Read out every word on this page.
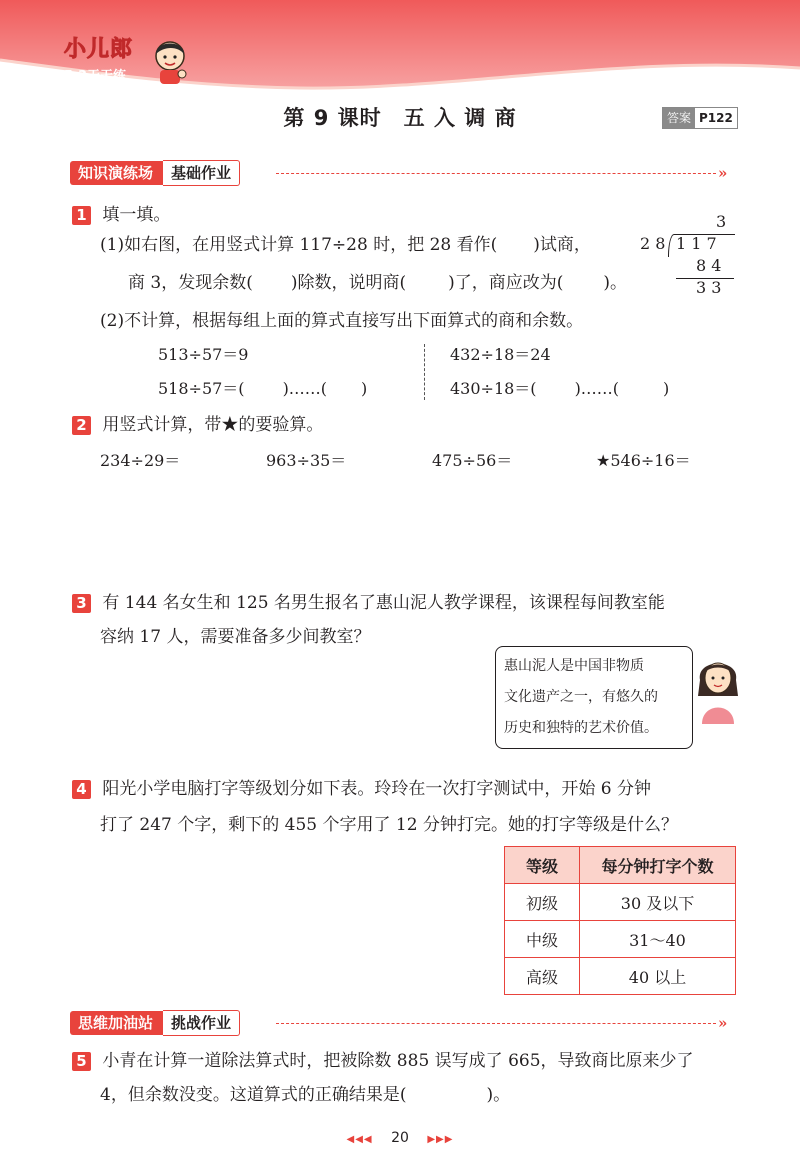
小儿郎
5·3天天练
第 9 课时　五 入 调 商	答案 P122
知识演练场	基础作业	»
1 填一填。
(1)如右图，在用竖式计算 117÷28 时，把 28 看作( )试商，
商 3，发现余数( )除数，说明商( )了，商应改为( )。
3
2 8 1 1 7
8 4
3 3
(2)不计算，根据每组上面的算式直接写出下面算式的商和余数。
513÷57＝9
518÷57＝( )……( )
432÷18＝24
430÷18＝( )……(	)
2 用竖式计算，带★的要验算。
234÷29＝	963÷35＝	475÷56＝	★546÷16＝
3 有 144 名女生和 125 名男生报名了惠山泥人教学课程，该课程每间教室能
容纳 17 人，需要准备多少间教室？
惠山泥人是中国非物质
文化遗产之一，有悠久的
历史和独特的艺术价值。
4 阳光小学电脑打字等级划分如下表。玲玲在一次打字测试中，开始 6 分钟
打了 247 个字，剩下的 455 个字用了 12 分钟打完。她的打字等级是什么？
等级	每分钟打字个数
初级	30 及以下
中级	31～40
高级	40 以上
思维加油站	挑战作业	»
5 小青在计算一道除法算式时，把被除数 885 误写成了 665，导致商比原来少了
4，但余数没变。这道算式的正确结果是(	)。
◀◀◀ 20 ▶▶▶
